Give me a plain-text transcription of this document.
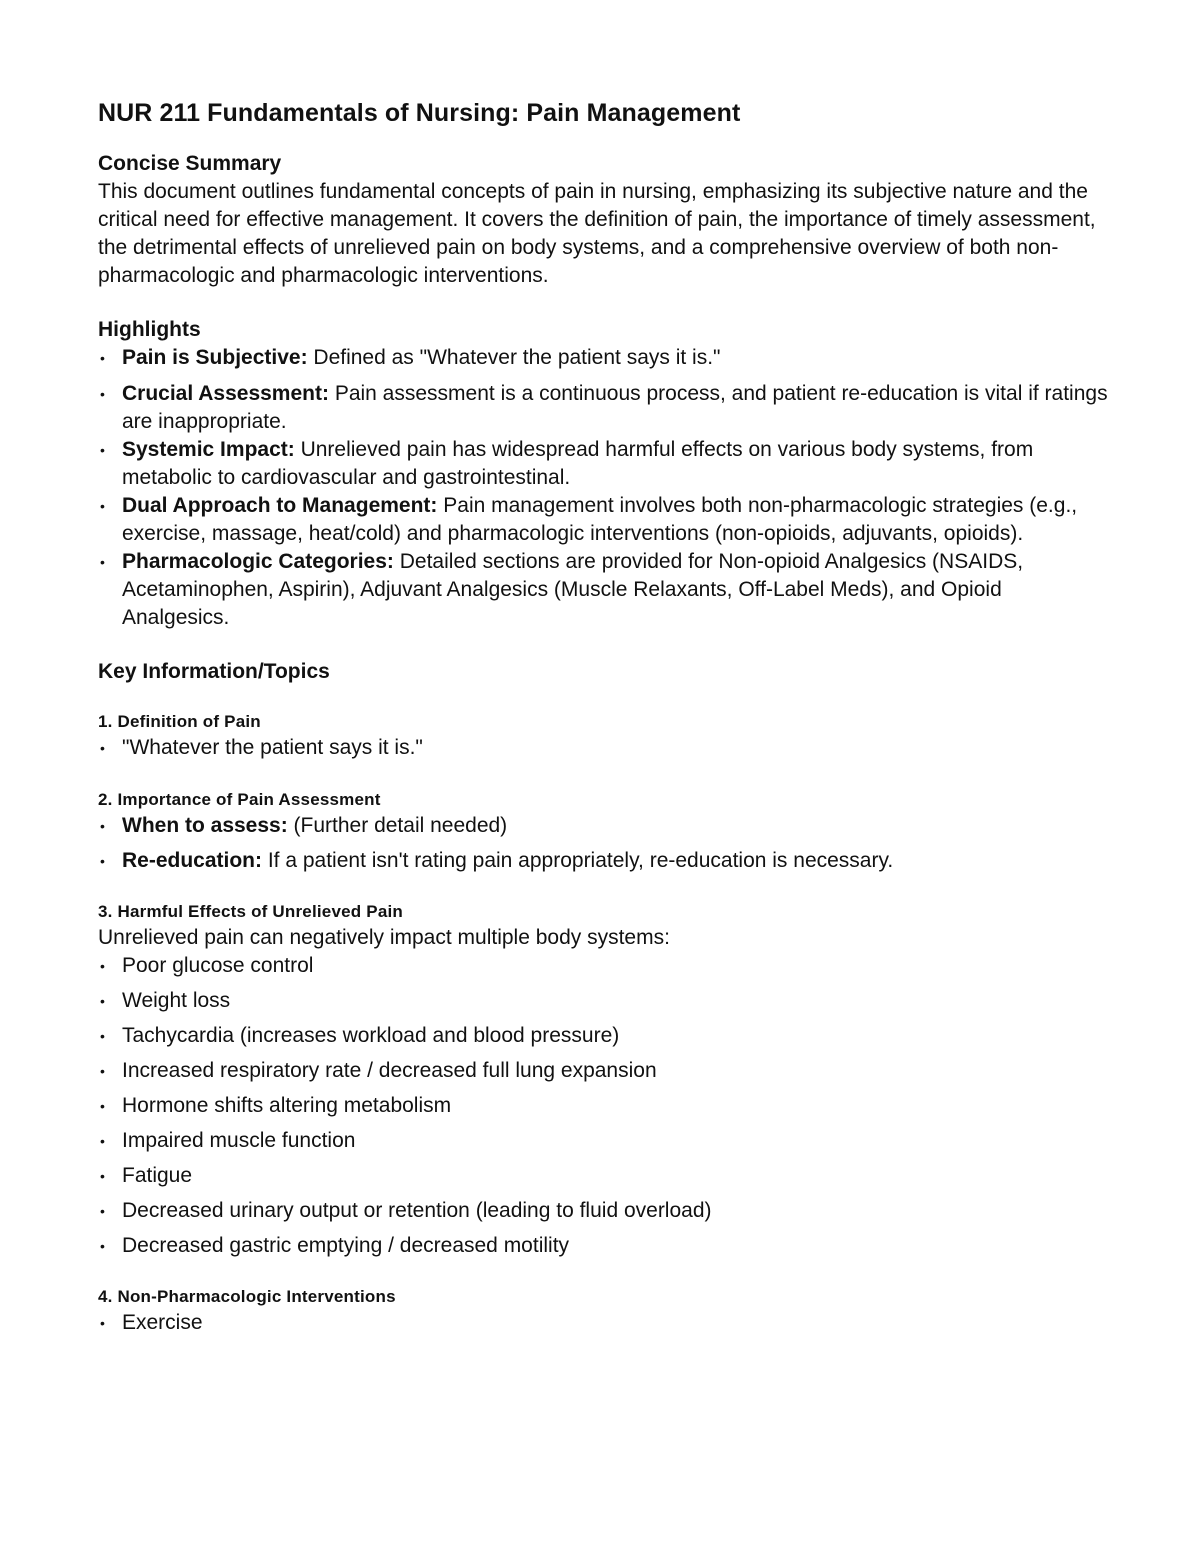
NUR 211 Fundamentals of Nursing: Pain Management
Concise Summary

This document outlines fundamental concepts of pain in nursing, emphasizing its subjective nature and the critical need for effective management. It covers the definition of pain, the importance of timely assessment, the detrimental effects of unrelieved pain on body systems, and a comprehensive overview of both non-pharmacologic and pharmacologic interventions.

Highlights
• Pain is Subjective: Defined as "Whatever the patient says it is."
• Crucial Assessment: Pain assessment is a continuous process, and patient re-education is vital if ratings are inappropriate.
• Systemic Impact: Unrelieved pain has widespread harmful effects on various body systems, from metabolic to cardiovascular and gastrointestinal.
• Dual Approach to Management: Pain management involves both non-pharmacologic strategies (e.g., exercise, massage, heat/cold) and pharmacologic interventions (non-opioids, adjuvants, opioids).
• Pharmacologic Categories: Detailed sections are provided for Non-opioid Analgesics (NSAIDS, Acetaminophen, Aspirin), Adjuvant Analgesics (Muscle Relaxants, Off-Label Meds), and Opioid Analgesics.
Key Information/Topics
1. Definition of Pain
• "Whatever the patient says it is."
2. Importance of Pain Assessment
• When to assess: (Further detail needed)
• Re-education: If a patient isn't rating pain appropriately, re-education is necessary.
3. Harmful Effects of Unrelieved Pain

Unrelieved pain can negatively impact multiple body systems:

• Poor glucose control
• Weight loss
• Tachycardia (increases workload and blood pressure)
• Increased respiratory rate / decreased full lung expansion
• Hormone shifts altering metabolism
• Impaired muscle function
• Fatigue
• Decreased urinary output or retention (leading to fluid overload)
• Decreased gastric emptying / decreased motility
4. Non-Pharmacologic Interventions
• Exercise
